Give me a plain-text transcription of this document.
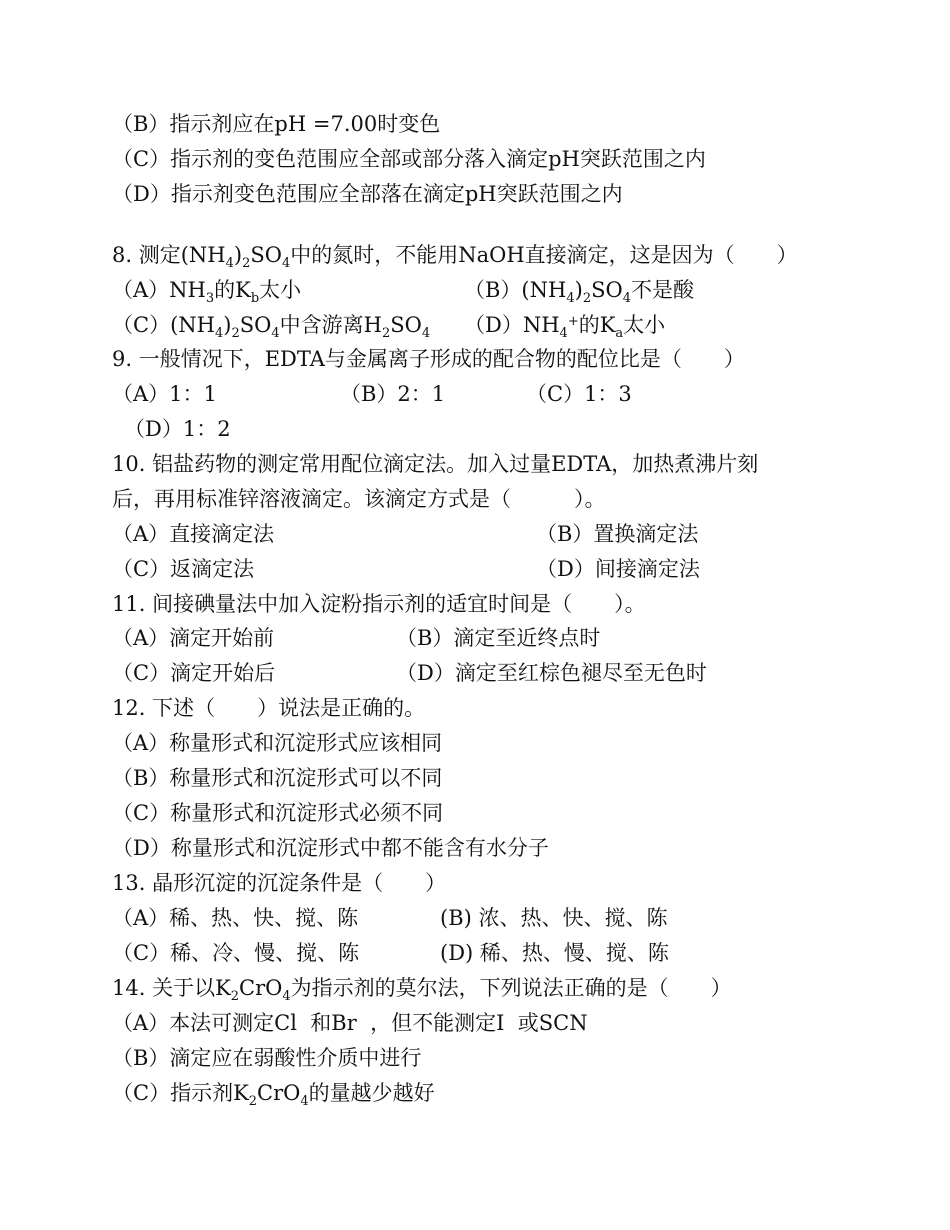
（B）指示剂应在pH =7.00时变色
（C）指示剂的变色范围应全部或部分落入滴定pH突跃范围之内
（D）指示剂变色范围应全部落在滴定pH突跃范围之内
8. 测定$(NH_4)_2SO_4$中的氮时，不能用NaOH直接滴定，这是因为（　　）

$(A)NH_3$的$K_b$太小

	$(B)(NH_4)_2SO_4$不是酸

$(C)(NH_4)_2SO_4$中含游离$H_2SO_4$

$(D)NH_4^+$的$K_a$太小

9. 一般情况下，EDTA与金属离子形成的配合物的配位比是（　　）

（A）1：1

	（B）2：1

	（C）1：3

（D）1：2
10. 铝盐药物的测定常用配位滴定法。加入过量EDTA，加热煮沸片刻
后，再用标准锌溶液滴定。该滴定方式是（　　　）。

（A）直接滴定法

	（B）置换滴定法

（C）返滴定法

	（D）间接滴定法

11. 间接碘量法中加入淀粉指示剂的适宜时间是（　　）。

（A）滴定开始前

	（B）滴定至近终点时

（C）滴定开始后

	（D）滴定至红棕色褪尽至无色时

12. 下述（　　）说法是正确的。
（A）称量形式和沉淀形式应该相同
（B）称量形式和沉淀形式可以不同
（C）称量形式和沉淀形式必须不同
（D）称量形式和沉淀形式中都不能含有水分子
13. 晶形沉淀的沉淀条件是（　　）

（A）稀、热、快、搅、陈

	(B) 浓、热、快、搅、陈

（C）稀、冷、慢、搅、陈

	(D) 稀、热、慢、搅、陈

14. 关于以$K_2CrO_4$为指示剂的莫尔法，下列说法正确的是（　　）
（A）本法可测定Cl  和Br  ，但不能测定I  或SCN
（B）滴定应在弱酸性介质中进行
（C）指示剂$K_2CrO_4$的量越少越好
